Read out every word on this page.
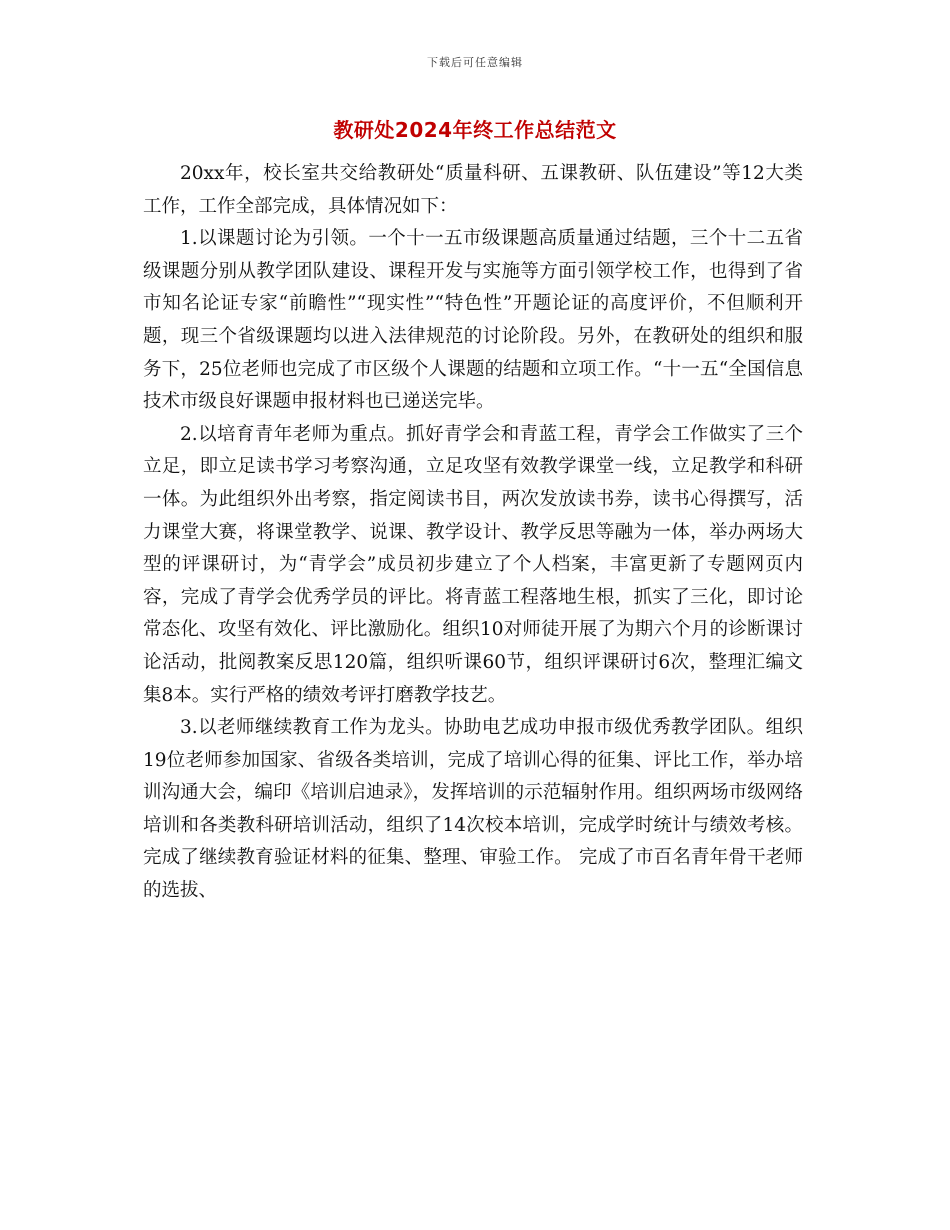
下载后可任意编辑
教研处2024年终工作总结范文

20xx年，校长室共交给教研处“质量科研、五课教研、队伍建设”等12大类工作，工作全部完成，具体情况如下：

1.以课题讨论为引领。一个十一五市级课题高质量通过结题，三个十二五省级课题分别从教学团队建设、课程开发与实施等方面引领学校工作，也得到了省市知名论证专家“前瞻性”“现实性”“特色性”开题论证的高度评价，不但顺利开题，现三个省级课题均以进入法律规范的讨论阶段。另外，在教研处的组织和服务下，25位老师也完成了市区级个人课题的结题和立项工作。“十一五“全国信息技术市级良好课题申报材料也已递送完毕。

2.以培育青年老师为重点。抓好青学会和青蓝工程，青学会工作做实了三个立足，即立足读书学习考察沟通，立足攻坚有效教学课堂一线，立足教学和科研一体。为此组织外出考察，指定阅读书目，两次发放读书券，读书心得撰写，活力课堂大赛，将课堂教学、说课、教学设计、教学反思等融为一体，举办两场大型的评课研讨，为“青学会”成员初步建立了个人档案，丰富更新了专题网页内容，完成了青学会优秀学员的评比。将青蓝工程落地生根，抓实了三化，即讨论常态化、攻坚有效化、评比激励化。组织10对师徒开展了为期六个月的诊断课讨论活动，批阅教案反思120篇，组织听课60节，组织评课研讨6次，整理汇编文集8本。实行严格的绩效考评打磨教学技艺。

3.以老师继续教育工作为龙头。协助电艺成功申报市级优秀教学团队。组织19位老师参加国家、省级各类培训，完成了培训心得的征集、评比工作，举办培训沟通大会，编印《培训启迪录》，发挥培训的示范辐射作用。组织两场市级网络培训和各类教科研培训活动，组织了14次校本培训，完成学时统计与绩效考核。完成了继续教育验证材料的征集、整理、审验工作。 完成了市百名青年骨干老师的选拔、
